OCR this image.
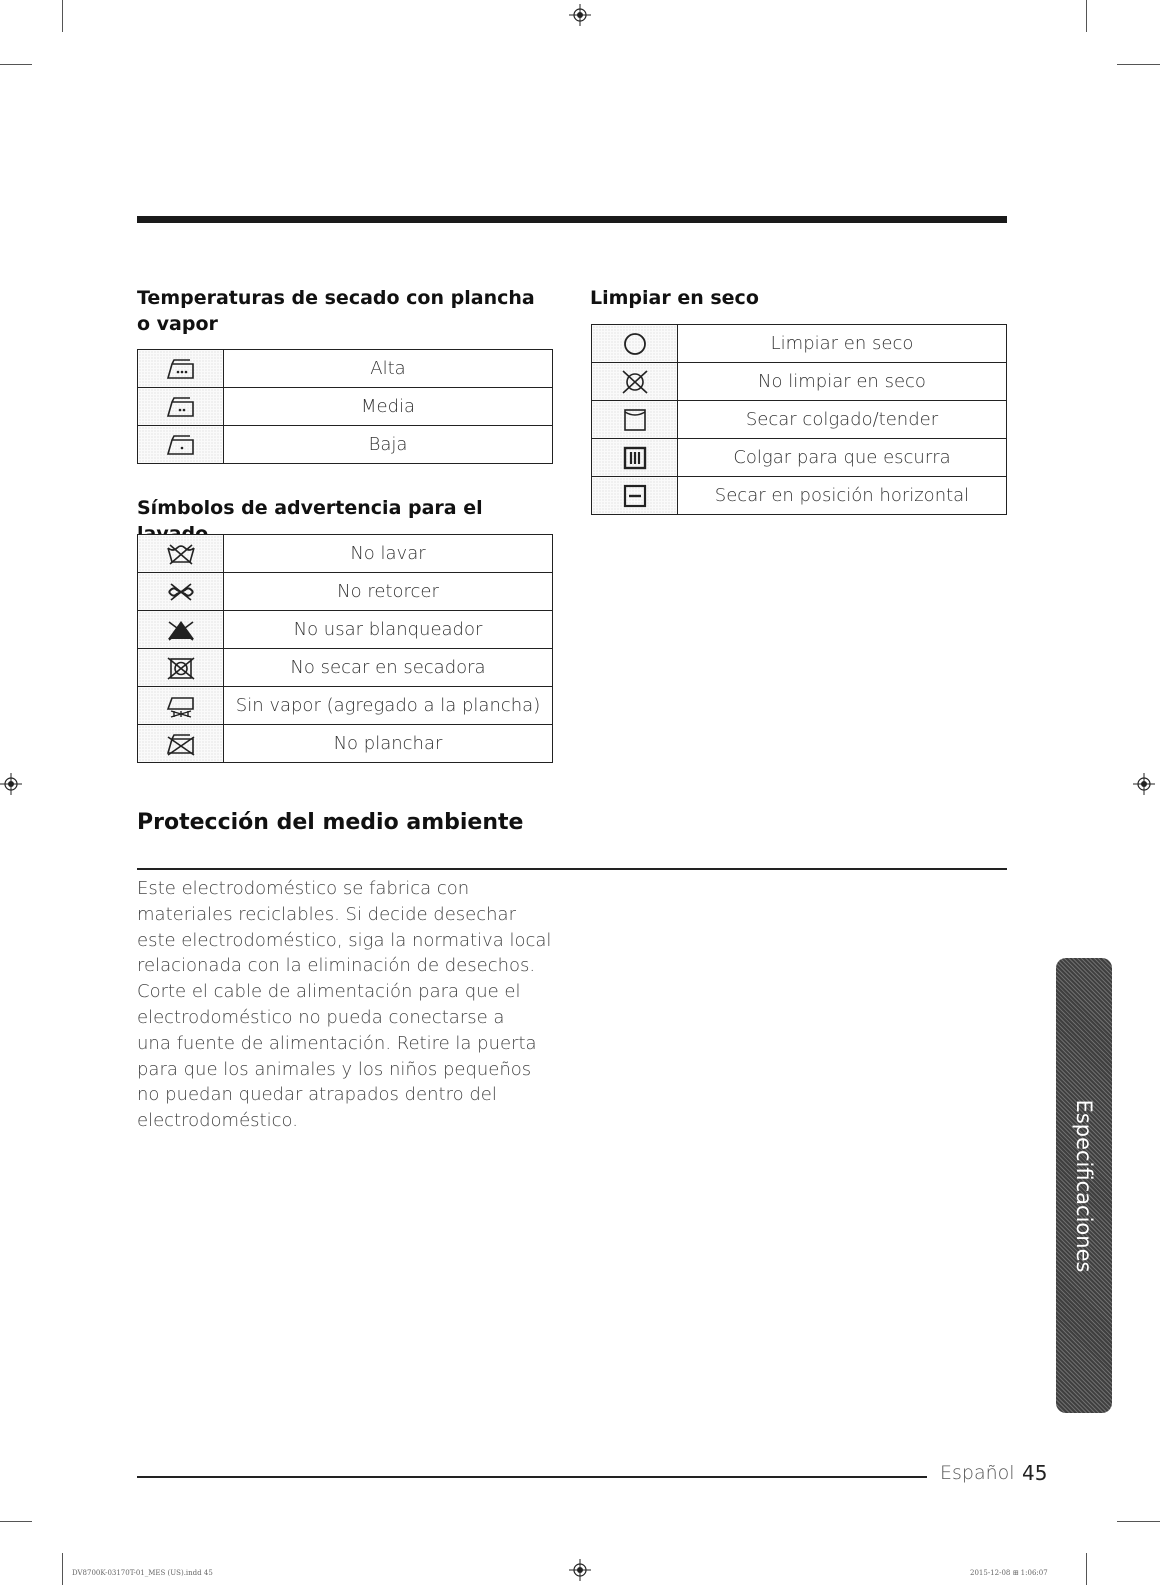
Temperaturas de secado con plancha o vapor
	Alta

	Media

	Baja
Símbolos de advertencia para el
	No lavar

	No retorcer

	No usar blanqueador

	No secar en secadora

	Sin vapor (agregado a la plancha)

	No planchar
Limpiar en seco
	Limpiar en seco

	No limpiar en seco

	Secar colgado/tender

	Colgar para que escurra

	Secar en posición horizontal
Protección del medio ambiente
Este electrodoméstico se fabrica con
materiales reciclables. Si decide desechar
este electrodoméstico, siga la normativa local
relacionada con la eliminación de desechos.
Corte el cable de alimentación para que el
electrodoméstico no pueda conectarse a
una fuente de alimentación. Retire la puerta
para que los animales y los niños pequeños
no puedan quedar atrapados dentro del
electrodoméstico.	Especificaciones
Español 45
DV8700K-03170T-01_MES (US).indd 45	2015-12-08 ⊞ 1:06:07
